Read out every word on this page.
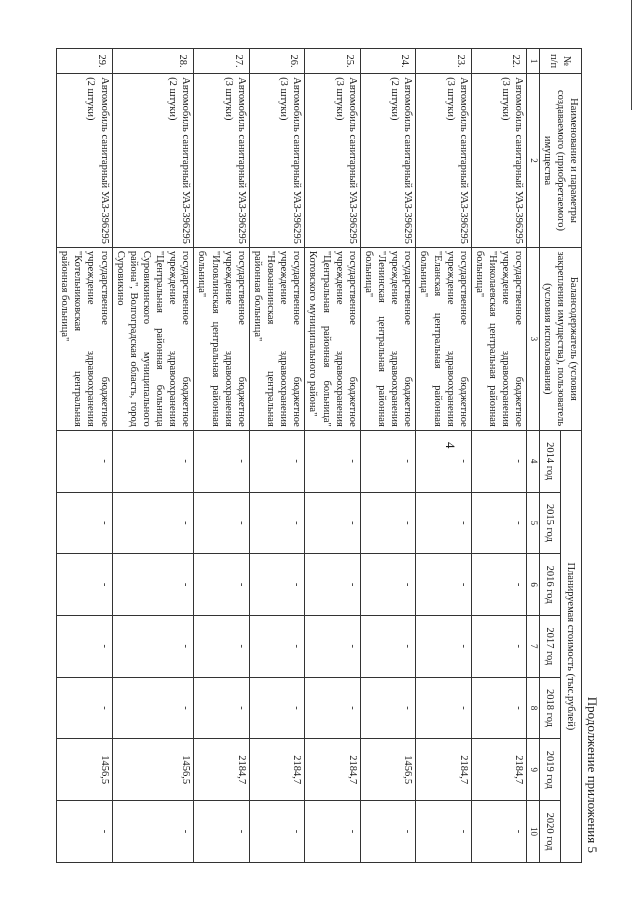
4
Продолжение приложения 5
№ п/п	Наименование и параметры создаваемого (приобретаемого) имущества	Балансодержатель (условия закрепления имущества), пользователь (условия использования)	Планируемая стоимость (тыс.рублей)						
			2014 год	2015 год	2016 год	2017 год	2018 год	2019 год	2020 год
1	2	3	4	5	6	7	8	9	10
22.	Автомобиль санитарный УАЗ-396295 (3 штуки)	государственное бюджетное учреждение здравоохранения "Николаевская центральная районная больница"	-	-	-	-	-	2184,7	-
23.	Автомобиль санитарный УАЗ-396295 (3 штуки)	государственное бюджетное учреждение здравоохранения "Еланская центральная районная больница"	-	-	-	-	-	2184,7	-
24.	Автомобиль санитарный УАЗ-396295 (2 штуки)	государственное бюджетное учреждение здравоохранения "Ленинская центральная районная больница"	-	-	-	-	-	1456,5	-
25.	Автомобиль санитарный УАЗ-396295 (3 штуки)	государственное бюджетное учреждение здравоохранения "Центральная районная больница" Котовского муниципального района"	-	-	-	-	-	2184,7	-
26.	Автомобиль санитарный УАЗ-396295 (3 штуки)	государственное бюджетное учреждение здравоохранения "Новоаннинская центральная районная больница"	-	-	-	-	-	2184,7	-
27.	Автомобиль санитарный УАЗ-396295 (3 штуки)	государственное бюджетное учреждение здравоохранения "Иловлинская центральная районная больница"	-	-	-	-	-	2184,7	-
28.	Автомобиль санитарный УАЗ-396295 (2 штуки)	государственное бюджетное учреждение здравоохранения "Центральная районная больница Суровикинского муниципального района", Волгоградская область, город Суровикино	-	-	-	-	-	1456,5	-
29.	Автомобиль санитарный УАЗ-396295 (2 штуки)	государственное бюджетное учреждение здравоохранения "Котельниковская центральная районная больница"	-	-	-	-	-	1456,5	-
